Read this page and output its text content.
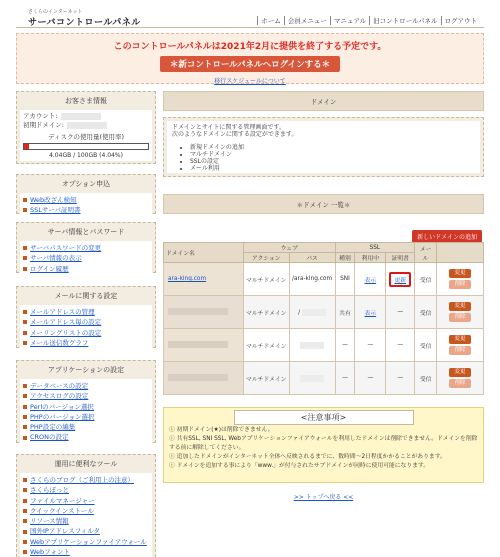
さくらのインターネット
サーバコントロールパネル	ホーム	会員メニュー	マニュアル	旧コントロールパネル	ログアウト
このコントロールパネルは2021年2月に提供を終了する予定です。
＊新コントロールパネルへログインする＊
移行スケジュールについて
お客さま情報
アカウント:
初期ドメイン:
ディスクの使用量(使用率)
4.04GB / 100GB (4.04%)
オプション申込
Web改ざん検知
SSLサーバ証明書
サーバ情報とパスワード
サーバパスワードの変更
サーバ情報の表示
ログイン履歴
メールに関する設定
メールアドレスの管理
メールアドレス毎の設定
メーリングリストの設定
メール送信数グラフ
アプリケーションの設定
データベースの設定
アクセスログの設定
Perlのバージョン選択
PHPのバージョン選択
PHP設定の編集
CRONの設定
運用に便利なツール
さくらのブログ（ご利用上の注意）
さくらぽっと
ファイルマネージャー
クイックインストール
リソース情報
国外IPアドレスフィルタ
Webアプリケーションファイアウォール
Webフォント
ドメイン
ドメインとサイトに関する管理画面です。
次のようなドメインに関する設定ができます。
• 新規ドメインの追加
• マルチドメイン
• SSLの設定
• メール利用
＊ドメイン 一覧＊
新しいドメインの追加
ドメイン名	ウェブ		SSL			メール	
	アクション	パス	種別	利用中	証明書		
ara-king.com	マルチドメイン	/ara-king.com	SNI	表示	更新	受信	変更
削除

	マルチドメイン	/	共有	表示	—	受信	変更
削除

	マルチドメイン		—	—	—	受信	変更
削除

	マルチドメイン		—	—	—	受信	変更
削除
<注意事項>
ⓘ 初期ドメイン(★)は削除できません。
ⓘ 共有SSL, SNI SSL, Webアプリケーションファイアウォールを利用したドメインは削除できません。ドメインを削除する前に解除してください。
ⓘ 追加したドメインがインターネット全体へ反映されるまでに、数時間〜2日程度かかることがあります。
ⓘ ドメインを追加する事により「www.」が付与されたサブドメインが同時に使用可能になります。
>> トップへ戻る <<
